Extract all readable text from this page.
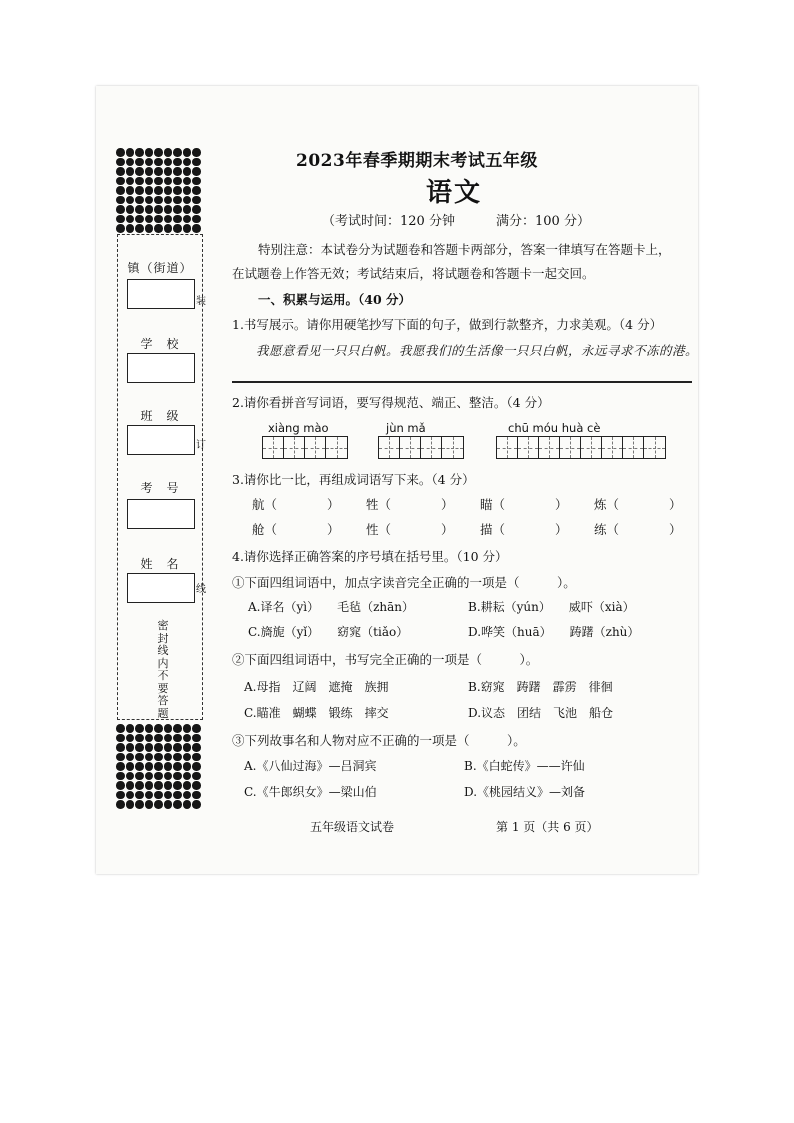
镇（街道）
学　校
班　级
考　号
姓　名
密封线内不要答题
装
订
线
2023年春季期期末考试五年级
语文
（考试时间：120 分钟	满分：100 分）
特别注意：本试卷分为试题卷和答题卡两部分，答案一律填写在答题卡上，
在试题卷上作答无效；考试结束后，将试题卷和答题卡一起交回。
一、积累与运用。（40 分）
1.书写展示。请你用硬笔抄写下面的句子，做到行款整齐，力求美观。（4 分）
我愿意看见一只只白帆。我愿我们的生活像一只只白帆，永远寻求不冻的港。
2.请你看拼音写词语，要写得规范、端正、整洁。（4 分）
xiàng mào	jùn mǎ	chū móu huà cè
3.请你比一比，再组成词语写下来。（4 分）
航（　　　　） 牲（　　　　） 瞄（　　　　） 炼（　　　　）
舱（　　　　） 性（　　　　） 描（　　　　） 练（　　　　）
4.请你选择正确答案的序号填在括号里。（10 分）
①下面四组词语中，加点字读音完全正确的一项是（　　　）。
A.译名（yì）　　毛毡（zhān）	B.耕耘（yún）　　威吓（xià）
C.旖旎（yǐ）　　窈窕（tiǎo）	D.哗笑（huā）　　踌躇（zhù）
②下面四组词语中，书写完全正确的一项是（　　　）。
A.母指　辽阔　遮掩　族拥	B.窈窕　踌躇　霹雳　徘徊
C.瞄准　蝴蝶　锻练　摔交	D.议态　团结　飞池　船仓
③下列故事名和人物对应不正确的一项是（　　　）。
A.《八仙过海》—吕洞宾	B.《白蛇传》——许仙
C.《牛郎织女》—梁山伯	D.《桃园结义》—刘备
五年级语文试卷	第 1 页（共 6 页）
